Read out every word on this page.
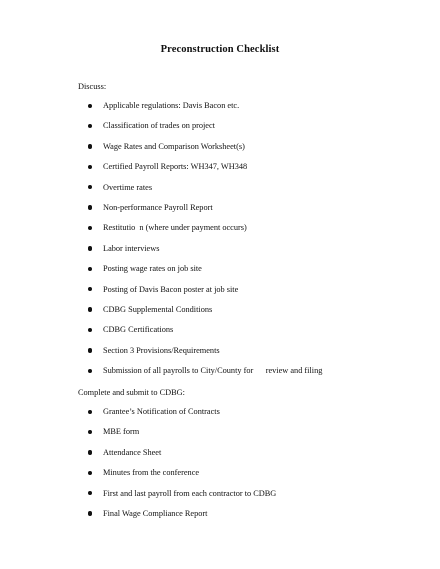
Preconstruction Checklist
Discuss:
Applicable regulations: Davis Bacon etc.
Classification of trades on project
Wage Rates and Comparison Worksheet(s)
Certified Payroll Reports: WH347, WH348
Overtime rates
Non-performance Payroll Report
Restitutio  n (where under payment occurs)
Labor interviews
Posting wage rates on job site
Posting of Davis Bacon poster at job site
CDBG Supplemental Conditions
CDBG Certifications
Section 3 Provisions/Requirements
Submission of all payrolls to City/County for      review and filing
Complete and submit to CDBG:
Grantee’s Notification of Contracts
MBE form
Attendance Sheet
Minutes from the conference
First and last payroll from each contractor to CDBG
Final Wage Compliance Report
